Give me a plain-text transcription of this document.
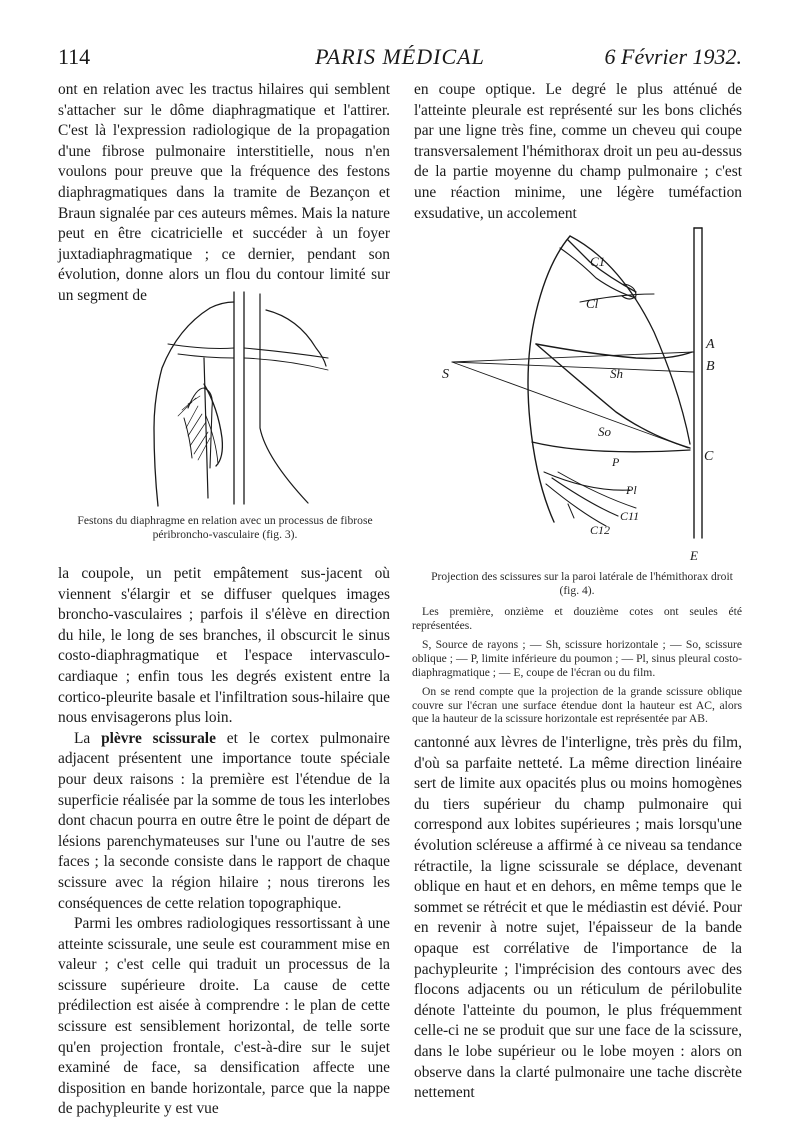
114	PARIS MÉDICAL	6 Février 1932.

ont en relation avec les tractus hilaires qui semblent s'attacher sur le dôme diaphragmatique et l'attirer. C'est là l'expression radiologique de la propagation d'une fibrose pulmonaire interstitielle, nous n'en voulons pour preuve que la fréquence des festons diaphragmatiques dans la tramite de Bezançon et Braun signalée par ces auteurs mêmes. Mais la nature peut en être cicatricielle et succéder à un foyer juxtadiaphragmatique ; ce dernier, pendant son évolution, donne alors un flou du contour limité sur un segment de

en coupe optique. Le degré le plus atténué de l'atteinte pleurale est représenté sur les bons clichés par une ligne très fine, comme un cheveu qui coupe transversalement l'hémithorax droit un peu au-dessus de la partie moyenne du champ pulmonaire ; c'est une réaction minime, une légère tuméfaction exsudative, un accolement

Festons du diaphragme en relation avec un processus de fibrose péribroncho-vasculaire (fig. 3).
C1
Cl
A
B
S	Sh
So
C
P
Pl
C11
C12
E

Projection des scissures sur la paroi latérale de l'hémithorax droit (fig. 4).

Les première, onzième et douzième cotes ont seules été représentées.

S, Source de rayons ; — Sh, scissure horizontale ; — So, scissure oblique ; — P, limite inférieure du poumon ; — Pl, sinus pleural costo-diaphragmatique ; — E, coupe de l'écran ou du film.

On se rend compte que la projection de la grande scissure oblique couvre sur l'écran une surface étendue dont la hauteur est AC, alors que la hauteur de la scissure horizontale est représentée par AB.

la coupole, un petit empâtement sus-jacent où viennent s'élargir et se diffuser quelques images broncho-vasculaires ; parfois il s'élève en direction du hile, le long de ses branches, il obscurcit le sinus costo-diaphragmatique et l'espace intervasculo-cardiaque ; enfin tous les degrés existent entre la cortico-pleurite basale et l'infiltration sous-hilaire que nous envisagerons plus loin.

La plèvre scissurale et le cortex pulmonaire adjacent présentent une importance toute spéciale pour deux raisons : la première est l'étendue de la superficie réalisée par la somme de tous les interlobes dont chacun pourra en outre être le point de départ de lésions parenchymateuses sur l'une ou l'autre de ses faces ; la seconde consiste dans le rapport de chaque scissure avec la région hilaire ; nous tirerons les conséquences de cette relation topographique.

Parmi les ombres radiologiques ressortissant à une atteinte scissurale, une seule est couramment mise en valeur ; c'est celle qui traduit un processus de la scissure supérieure droite. La cause de cette prédilection est aisée à comprendre : le plan de cette scissure est sensiblement horizontal, de telle sorte qu'en projection frontale, c'est-à-dire sur le sujet examiné de face, sa densification affecte une disposition en bande horizontale, parce que la nappe de pachypleurite y est vue

cantonné aux lèvres de l'interligne, très près du film, d'où sa parfaite netteté. La même direction linéaire sert de limite aux opacités plus ou moins homogènes du tiers supérieur du champ pulmonaire qui correspond aux lobites supérieures ; mais lorsqu'une évolution scléreuse a affirmé à ce niveau sa tendance rétractile, la ligne scissurale se déplace, devenant oblique en haut et en dehors, en même temps que le sommet se rétrécit et que le médiastin est dévié. Pour en revenir à notre sujet, l'épaisseur de la bande opaque est corrélative de l'importance de la pachypleurite ; l'imprécision des contours avec des flocons adjacents ou un réticulum de périlobulite dénote l'atteinte du poumon, le plus fréquemment celle-ci ne se produit que sur une face de la scissure, dans le lobe supérieur ou le lobe moyen : alors on observe dans la clarté pulmonaire une tache discrète nettement
